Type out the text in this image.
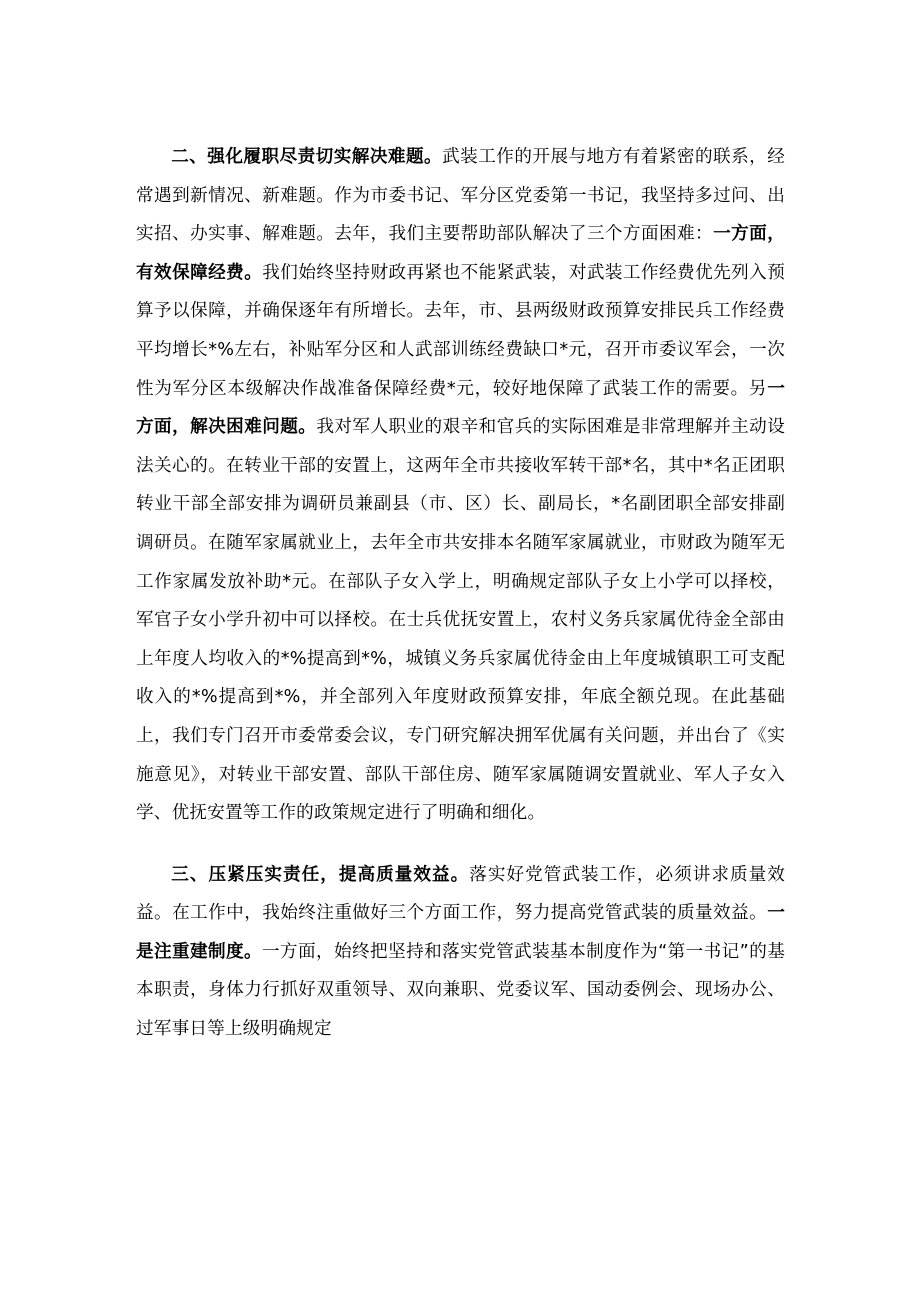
二、强化履职尽责切实解决难题。武装工作的开展与地方有着紧密的联系，经常遇到新情况、新难题。作为市委书记、军分区党委第一书记，我坚持多过问、出实招、办实事、解难题。去年，我们主要帮助部队解决了三个方面困难：一方面，有效保障经费。我们始终坚持财政再紧也不能紧武装，对武装工作经费优先列入预算予以保障，并确保逐年有所增长。去年，市、县两级财政预算安排民兵工作经费平均增长*%左右，补贴军分区和人武部训练经费缺口*元，召开市委议军会，一次性为军分区本级解决作战准备保障经费*元，较好地保障了武装工作的需要。另一方面，解决困难问题。我对军人职业的艰辛和官兵的实际困难是非常理解并主动设法关心的。在转业干部的安置上，这两年全市共接收军转干部*名，其中*名正团职转业干部全部安排为调研员兼副县（市、区）长、副局长，*名副团职全部安排副调研员。在随军家属就业上，去年全市共安排本名随军家属就业，市财政为随军无工作家属发放补助*元。在部队子女入学上，明确规定部队子女上小学可以择校，军官子女小学升初中可以择校。在士兵优抚安置上，农村义务兵家属优待金全部由上年度人均收入的*%提高到*%，城镇义务兵家属优待金由上年度城镇职工可支配收入的*%提高到*%，并全部列入年度财政预算安排，年底全额兑现。在此基础上，我们专门召开市委常委会议，专门研究解决拥军优属有关问题，并出台了《实施意见》，对转业干部安置、部队干部住房、随军家属随调安置就业、军人子女入学、优抚安置等工作的政策规定进行了明确和细化。

三、压紧压实责任，提高质量效益。落实好党管武装工作，必须讲求质量效益。在工作中，我始终注重做好三个方面工作，努力提高党管武装的质量效益。一是注重建制度。一方面，始终把坚持和落实党管武装基本制度作为“第一书记”的基本职责，身体力行抓好双重领导、双向兼职、党委议军、国动委例会、现场办公、过军事日等上级明确规定
